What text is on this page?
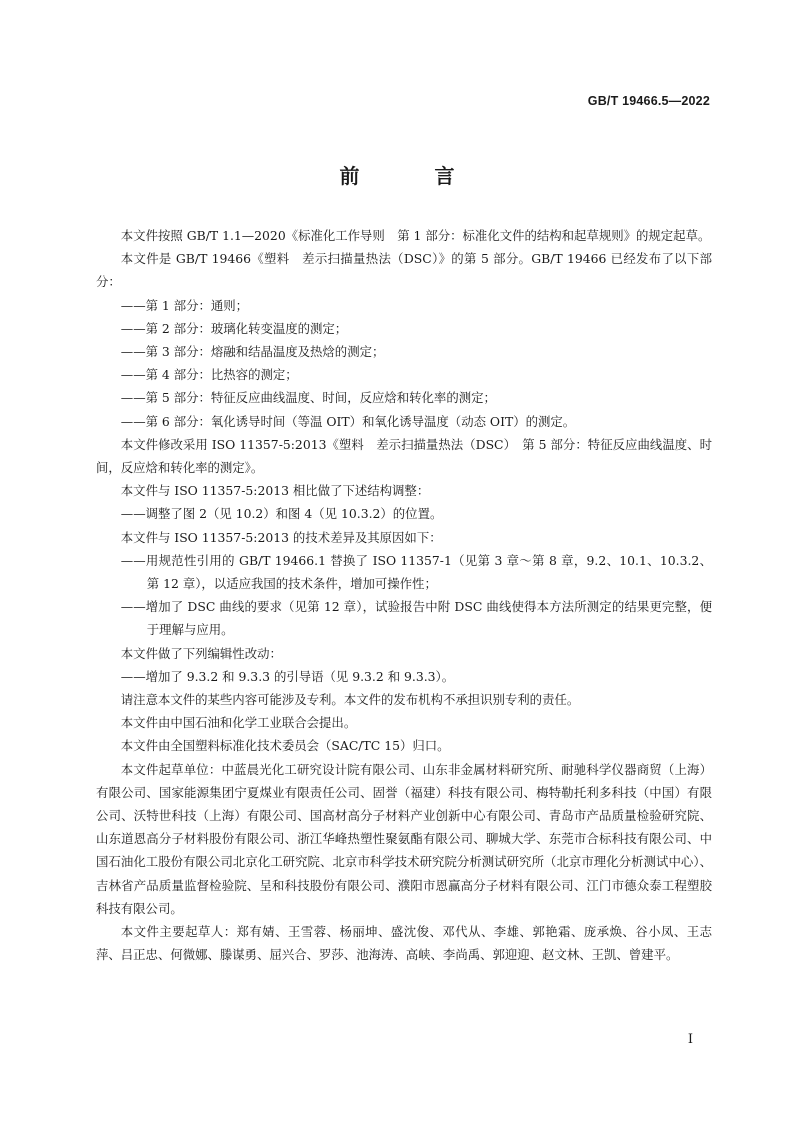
GB/T 19466.5—2022
前 言

本文件按照 GB/T 1.1—2020《标准化工作导则　第 1 部分：标准化文件的结构和起草规则》的规定起草。

本文件是 GB/T 19466《塑料　差示扫描量热法（DSC）》的第 5 部分。GB/T 19466 已经发布了以下部分：

——第 1 部分：通则；

——第 2 部分：玻璃化转变温度的测定；

——第 3 部分：熔融和结晶温度及热焓的测定；

——第 4 部分：比热容的测定；

——第 5 部分：特征反应曲线温度、时间，反应焓和转化率的测定；

——第 6 部分：氧化诱导时间（等温 OIT）和氧化诱导温度（动态 OIT）的测定。

本文件修改采用 ISO 11357-5:2013《塑料　差示扫描量热法（DSC）　第 5 部分：特征反应曲线温度、时间，反应焓和转化率的测定》。

本文件与 ISO 11357-5:2013 相比做了下述结构调整：

——调整了图 2（见 10.2）和图 4（见 10.3.2）的位置。

本文件与 ISO 11357-5:2013 的技术差异及其原因如下：

——用规范性引用的 GB/T 19466.1 替换了 ISO 11357-1（见第 3 章～第 8 章，9.2、10.1、10.3.2、第 12 章），以适应我国的技术条件，增加可操作性；

——增加了 DSC 曲线的要求（见第 12 章），试验报告中附 DSC 曲线使得本方法所测定的结果更完整，便于理解与应用。

本文件做了下列编辑性改动：

——增加了 9.3.2 和 9.3.3 的引导语（见 9.3.2 和 9.3.3）。

请注意本文件的某些内容可能涉及专利。本文件的发布机构不承担识别专利的责任。

本文件由中国石油和化学工业联合会提出。

本文件由全国塑料标准化技术委员会（SAC/TC 15）归口。

本文件起草单位：中蓝晨光化工研究设计院有限公司、山东非金属材料研究所、耐驰科学仪器商贸（上海）有限公司、国家能源集团宁夏煤业有限责任公司、固誉（福建）科技有限公司、梅特勒托利多科技（中国）有限公司、沃特世科技（上海）有限公司、国高材高分子材料产业创新中心有限公司、青岛市产品质量检验研究院、山东道恩高分子材料股份有限公司、浙江华峰热塑性聚氨酯有限公司、聊城大学、东莞市合标科技有限公司、中国石油化工股份有限公司北京化工研究院、北京市科学技术研究院分析测试研究所（北京市理化分析测试中心）、吉林省产品质量监督检验院、呈和科技股份有限公司、濮阳市恩赢高分子材料有限公司、江门市德众泰工程塑胶科技有限公司。

本文件主要起草人：郑有婧、王雪蓉、杨丽坤、盛沈俊、邓代从、李雄、郭艳霜、庞承焕、谷小凤、王志萍、吕正忠、何微娜、滕谋勇、屈兴合、罗莎、池海涛、高峡、李尚禹、郭迎迎、赵文林、王凯、曾建平。

I
